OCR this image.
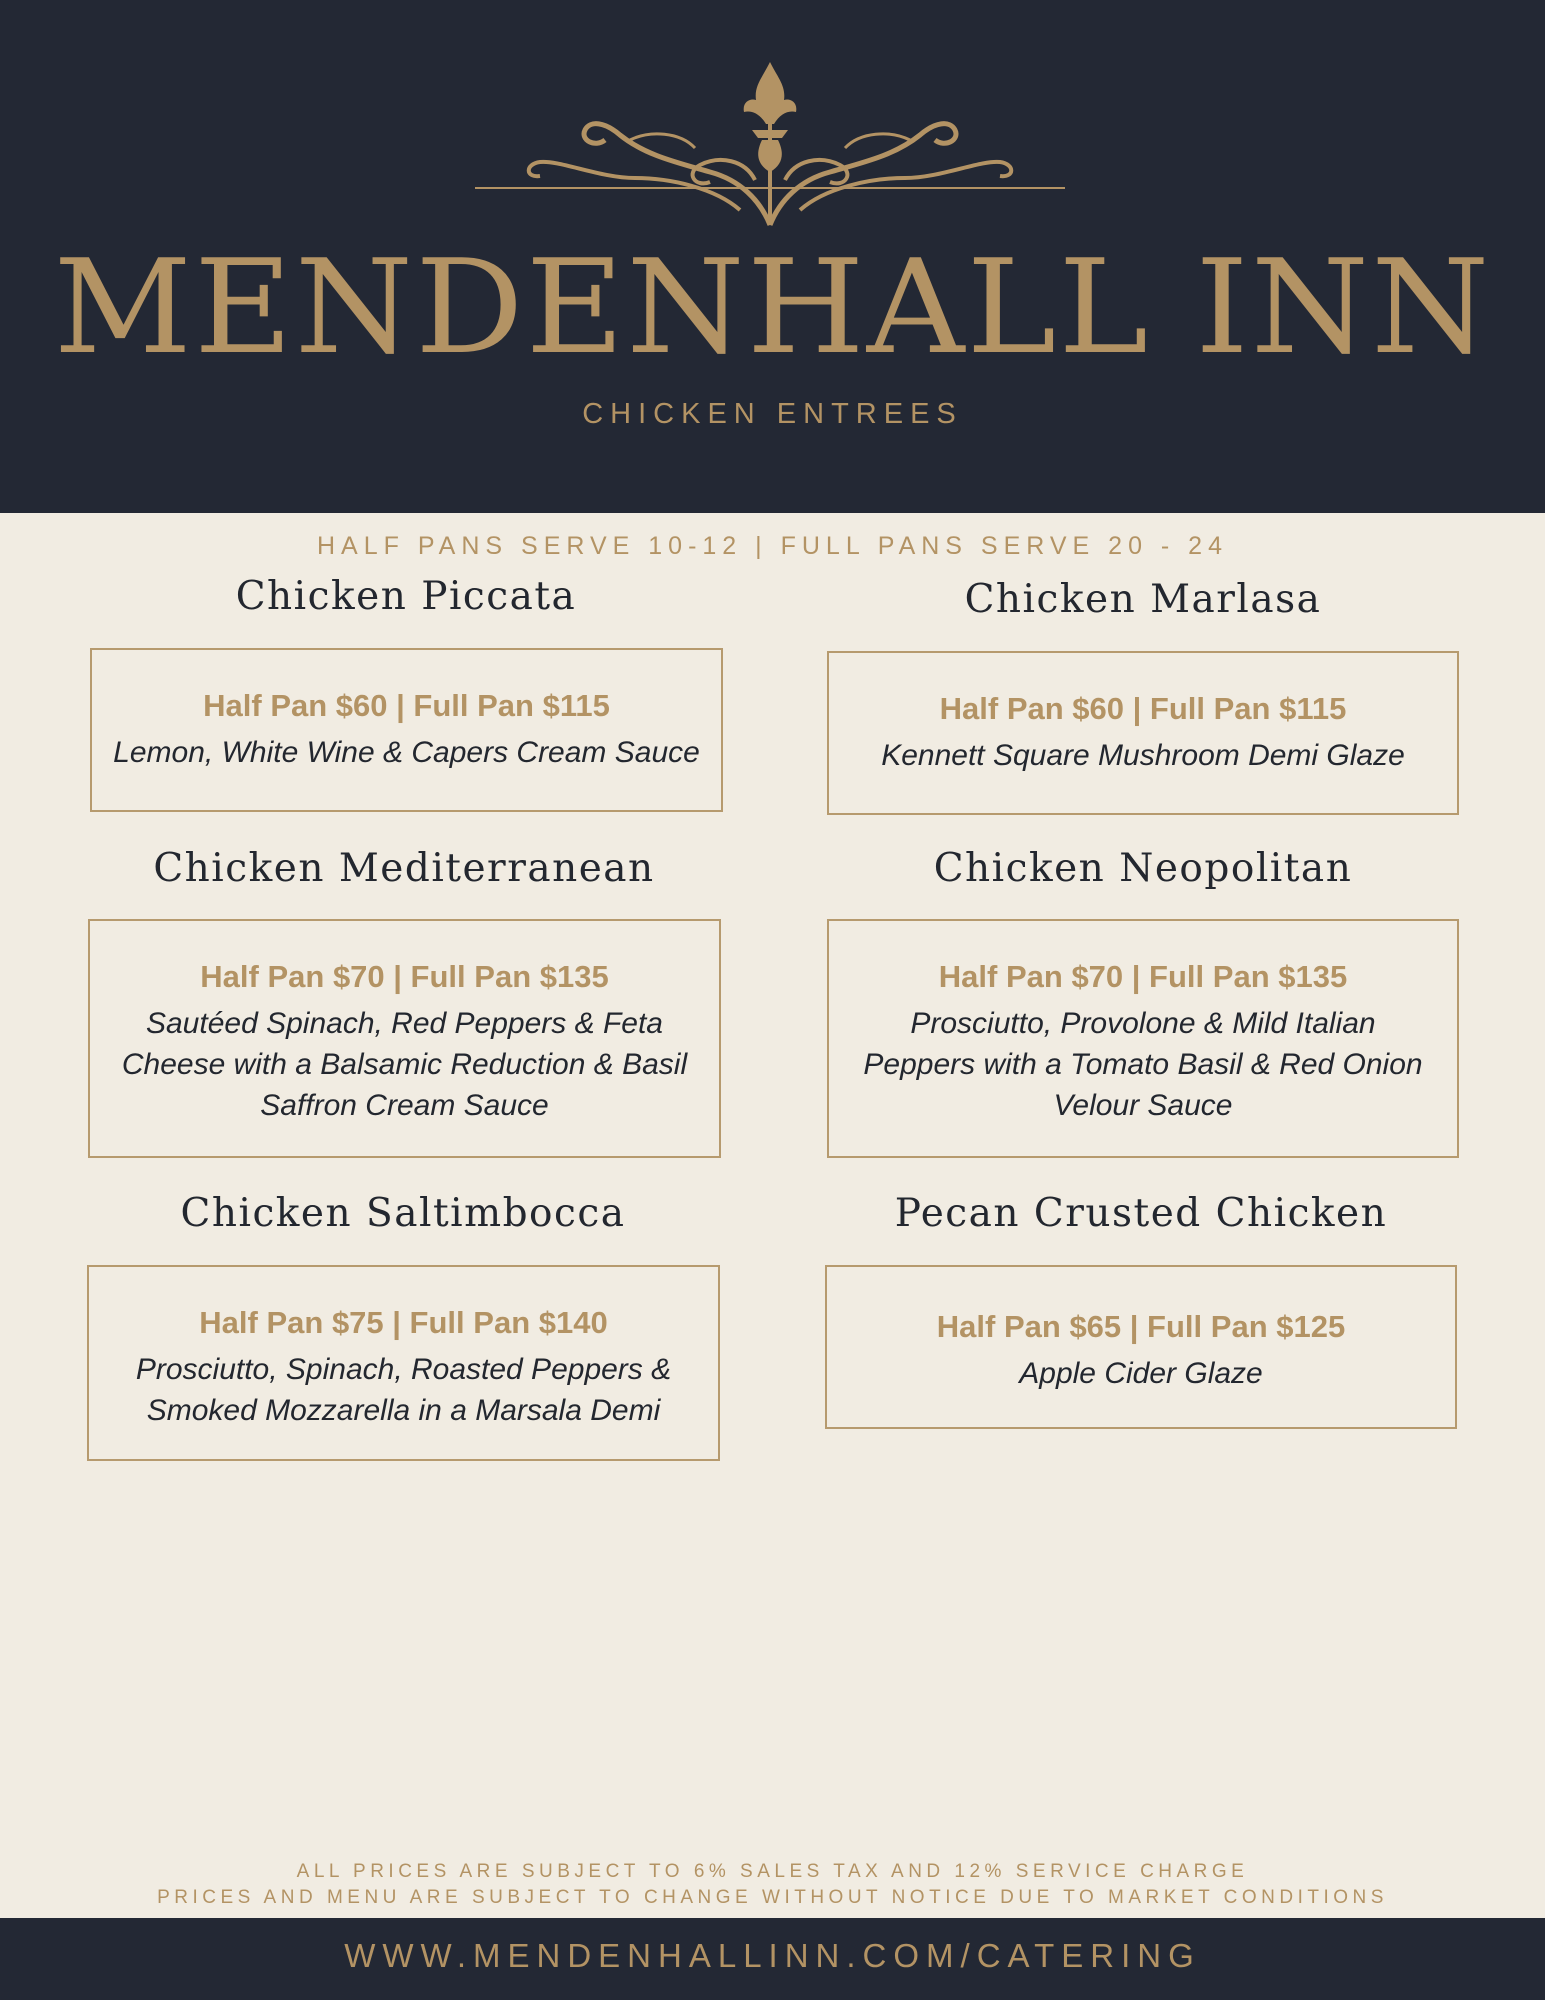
MENDENHALL INN
CHICKEN ENTREES
HALF PANS SERVE 10-12 | FULL PANS SERVE 20 - 24
Chicken Piccata
Half Pan $60 | Full Pan $115
Lemon, White Wine & Capers Cream Sauce
Chicken Marlasa
Half Pan $60 | Full Pan $115
Kennett Square Mushroom Demi Glaze
Chicken Mediterranean
Half Pan $70 | Full Pan $135
Sautéed Spinach, Red Peppers & Feta
Cheese with a Balsamic Reduction & Basil
Saffron Cream Sauce
Chicken Neopolitan
Half Pan $70 | Full Pan $135
Prosciutto, Provolone & Mild Italian
Peppers with a Tomato Basil & Red Onion
Velour Sauce
Chicken Saltimbocca
Half Pan $75 | Full Pan $140
Prosciutto, Spinach, Roasted Peppers &
Smoked Mozzarella in a Marsala Demi
Pecan Crusted Chicken
Half Pan $65 | Full Pan $125
Apple Cider Glaze
ALL PRICES ARE SUBJECT TO 6% SALES TAX AND 12% SERVICE CHARGE
PRICES AND MENU ARE SUBJECT TO CHANGE WITHOUT NOTICE DUE TO MARKET CONDITIONS
WWW.MENDENHALLINN.COM/CATERING
